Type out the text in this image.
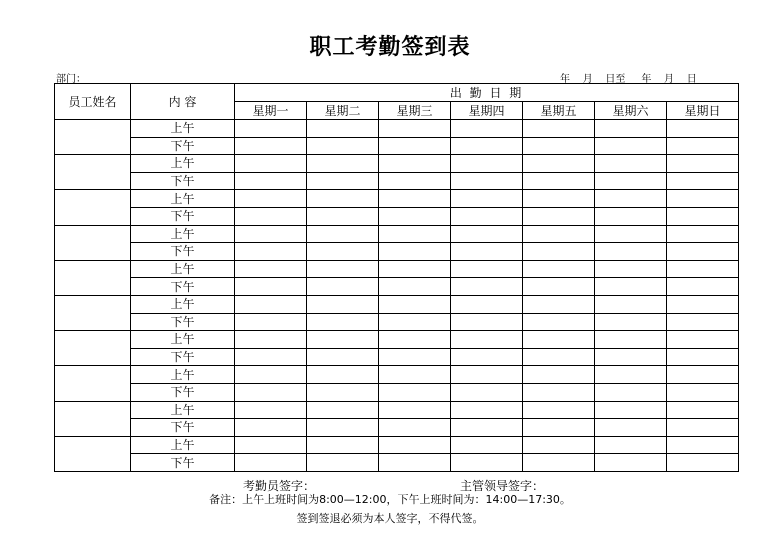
职工考勤签到表
部门：	年    月    日至     年    月    日
员工姓名	内 容	出 勤 日 期						
		星期一	星期二	星期三	星期四	星期五	星期六	星期日
	上午							
	下午							
	上午							
	下午							
	上午							
	下午							
	上午							
	下午							
	上午							
	下午							
	上午							
	下午							
	上午							
	下午							
	上午							
	下午							
	上午							
	下午							
	上午							
	下午							
考勤员签字：	主管领导签字：
备注：上午上班时间为8:00—12:00，下午上班时间为：14:00—17:30。
签到签退必须为本人签字，不得代签。
